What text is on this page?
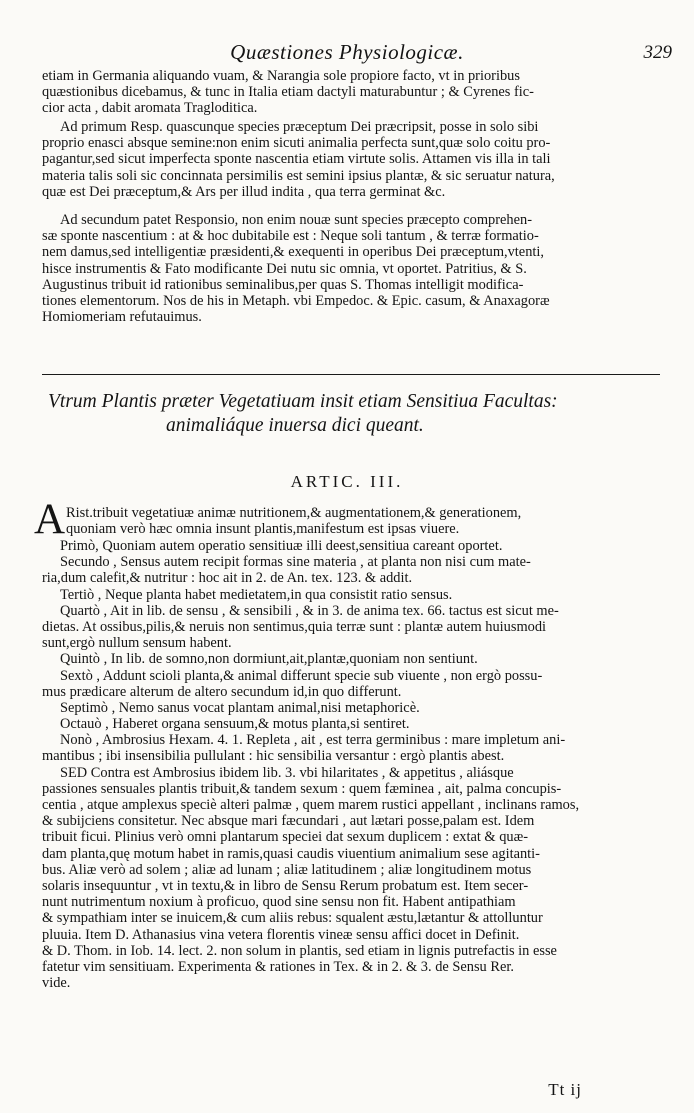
Quæstiones Physiologicæ.	329
etiam in Germania aliquando vuam, & Narangia sole propiore facto, vt in prioribus
quæstionibus dicebamus, & tunc in Italia etiam dactyli maturabuntur ; & Cyrenes fic-
cior acta , dabit aromata Tragloditica.
Ad primum Resp. quascunque species præceptum Dei præcripsit, posse in solo sibi
proprio enasci absque semine:non enim sicuti animalia perfecta sunt,quæ solo coitu pro-
pagantur,sed sicut imperfecta sponte nascentia etiam virtute solis. Attamen vis illa in tali
materia talis soli sic concinnata persimilis est semini ipsius plantæ, & sic seruatur natura,
quæ est Dei præceptum,& Ars per illud indita , qua terra germinat &c.
Ad secundum patet Responsio, non enim nouæ sunt species præcepto comprehen-
sæ sponte nascentium : at & hoc dubitabile est : Neque soli tantum , & terræ formatio-
nem damus,sed intelligentiæ præsidenti,& exequenti in operibus Dei præceptum,vtenti,
hisce instrumentis & Fato modificante Dei nutu sic omnia, vt oportet. Patritius, & S.
Augustinus tribuit id rationibus seminalibus,per quas S. Thomas intelligit modifica-
tiones elementorum. Nos de his in Metaph. vbi Empedoc. & Epic. casum, & Anaxagoræ
Homiomeriam refutauimus.
Vtrum Plantis præter Vegetatiuam insit etiam Sensitiua Facultas:
animaliáque inuersa dici queant.
ARTIC. III.
A Rist.tribuit vegetatiuæ animæ nutritionem,& augmentationem,& generationem,
quoniam verò hæc omnia insunt plantis,manifestum est ipsas viuere.
Primò, Quoniam autem operatio sensitiuæ illi deest,sensitiua careant oportet.
Secundo , Sensus autem recipit formas sine materia , at planta non nisi cum mate-
ria,dum calefit,& nutritur : hoc ait in 2. de An. tex. 123. & addit.
Tertiò , Neque planta habet medietatem,in qua consistit ratio sensus.
Quartò , Ait in lib. de sensu , & sensibili , & in 3. de anima tex. 66. tactus est sicut me-
dietas. At ossibus,pilis,& neruis non sentimus,quia terræ sunt : plantæ autem huiusmodi
sunt,ergò nullum sensum habent.
Quintò , In lib. de somno,non dormiunt,ait,plantæ,quoniam non sentiunt.
Sextò , Addunt scioli planta,& animal differunt specie sub viuente , non ergò possu-
mus prædicare alterum de altero secundum id,in quo differunt.
Septimò , Nemo sanus vocat plantam animal,nisi metaphoricè.
Octauò , Haberet organa sensuum,& motus planta,si sentiret.
Nonò , Ambrosius Hexam. 4. 1. Repleta , ait , est terra germinibus : mare impletum ani-
mantibus ; ibi insensibilia pullulant : hic sensibilia versantur : ergò plantis abest.
SED Contra est Ambrosius ibidem lib. 3. vbi hilaritates , & appetitus , aliásque
passiones sensuales plantis tribuit,& tandem sexum : quem fæminea , ait, palma concupis-
centia , atque amplexus speciè alteri palmæ , quem marem rustici appellant , inclinans ramos,
& subijciens consitetur. Nec absque mari fæcundari , aut lætari posse,palam est. Idem
tribuit ficui. Plinius verò omni plantarum speciei dat sexum duplicem : extat & quæ-
dam planta,quę motum habet in ramis,quasi caudis viuentium animalium sese agitanti-
bus. Aliæ verò ad solem ; aliæ ad lunam ; aliæ latitudinem ; aliæ longitudinem motus
solaris insequuntur , vt in textu,& in libro de Sensu Rerum probatum est. Item secer-
nunt nutrimentum noxium à proficuo, quod sine sensu non fit. Habent antipathiam
& sympathiam inter se inuicem,& cum aliis rebus: squalent æstu,lætantur & attolluntur
pluuia. Item D. Athanasius vina vetera florentis vineæ sensu affici docet in Definit.
& D. Thom. in Iob. 14. lect. 2. non solum in plantis, sed etiam in lignis putrefactis in esse
fatetur vim sensitiuam. Experimenta & rationes in Tex. & in 2. & 3. de Sensu Rer.
vide.
Tt ij
